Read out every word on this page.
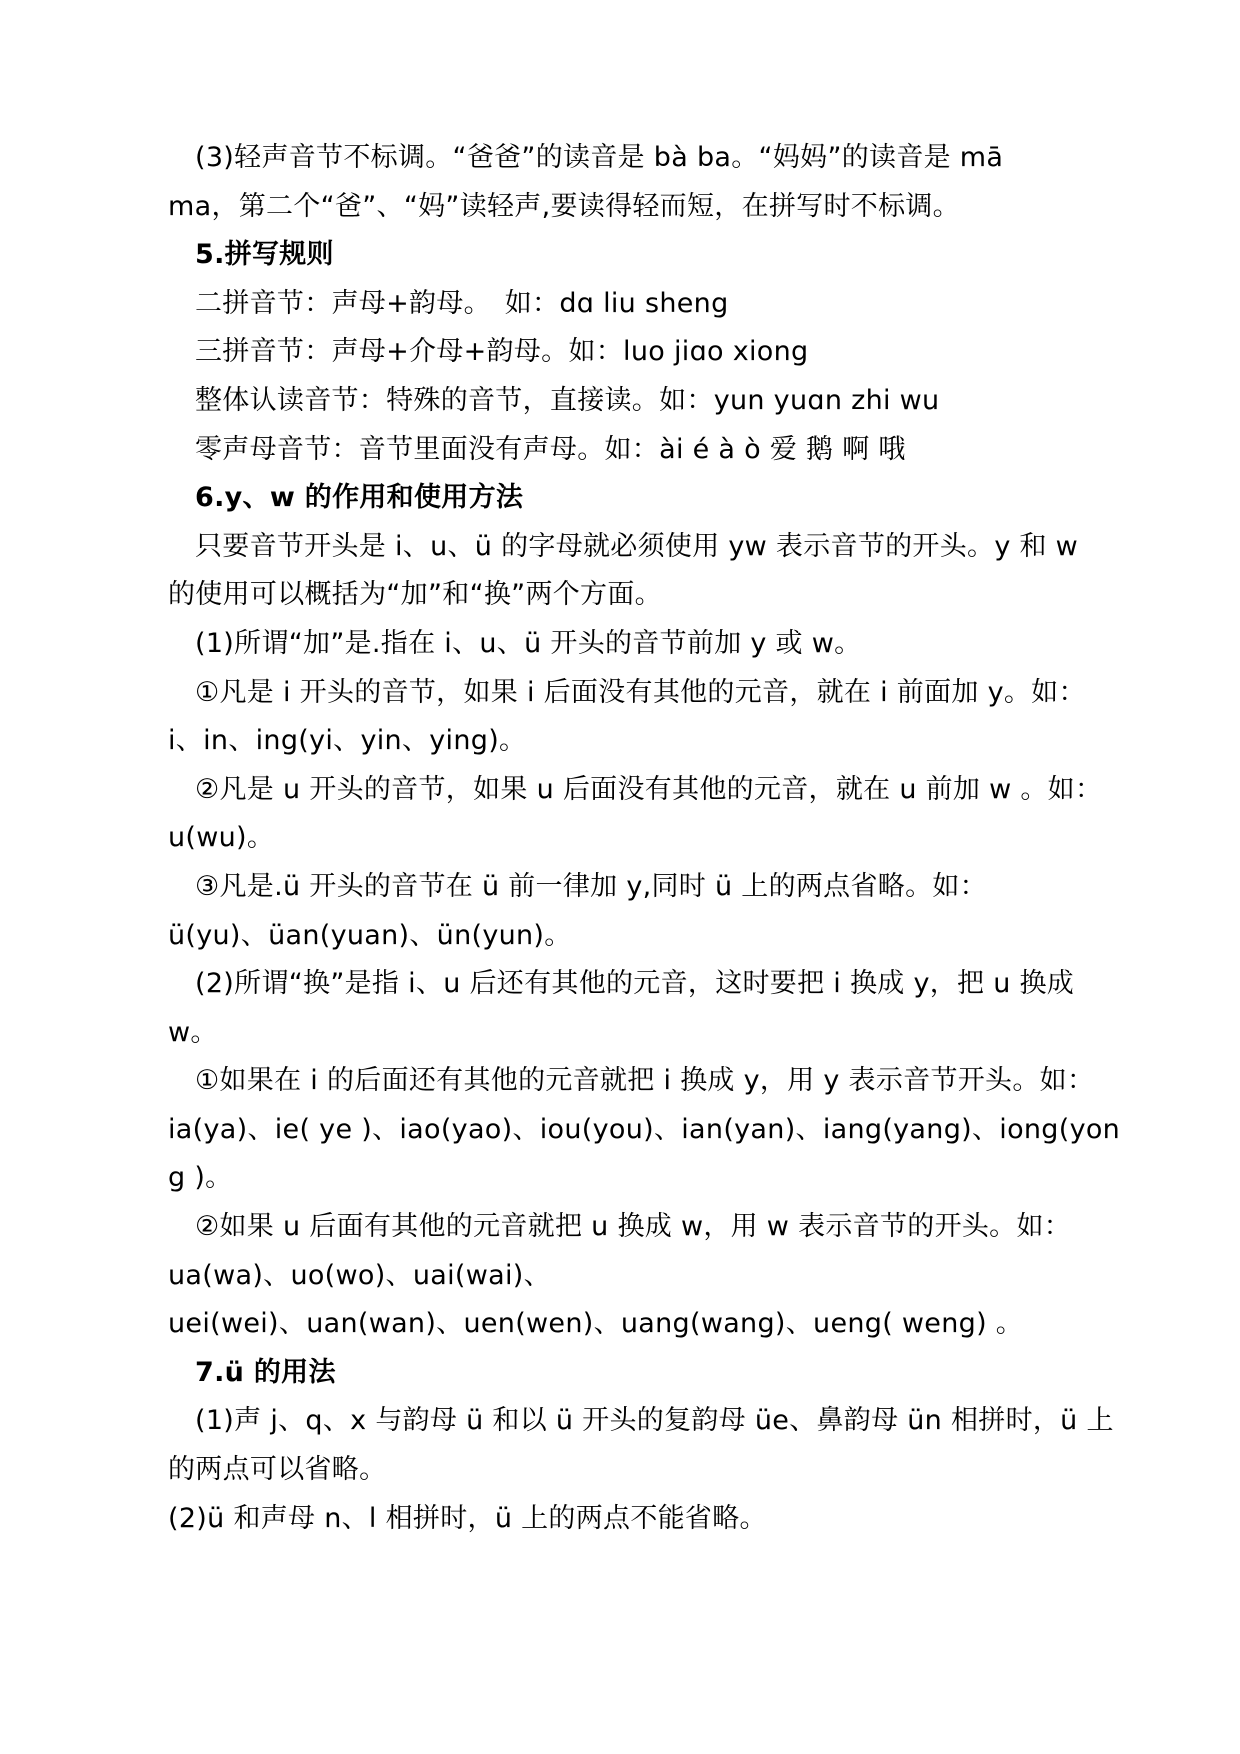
(3)轻声音节不标调。“爸爸”的读音是 bà ba。“妈妈”的读音是 mā
ma，第二个“爸”、“妈”读轻声,要读得轻而短，在拼写时不标调。
5.拼写规则
二拼音节：声母+韵母。　如：dɑ liu sheng
三拼音节：声母+介母+韵母。如：luo jiɑo xiong
整体认读音节：特殊的音节，直接读。如：yun yuɑn zhi wu
零声母音节：音节里面没有声母。如：ài é à ò 爱 鹅 啊 哦
6.y、w 的作用和使用方法
只要音节开头是 i、u、ü 的字母就必须使用 yw 表示音节的开头。y 和 w
的使用可以概括为“加”和“换”两个方面。
(1)所谓“加”是.指在 i、u、ü 开头的音节前加 y 或 w。
①凡是 i 开头的音节，如果 i 后面没有其他的元音，就在 i 前面加 y。如：
i、in、ing(yi、yin、ying)。
②凡是 u 开头的音节，如果 u 后面没有其他的元音，就在 u 前加 w 。如：
u(wu)。
③凡是.ü 开头的音节在 ü 前一律加 y,同时 ü 上的两点省略。如：
ü(yu)、üan(yuan)、ün(yun)。
(2)所谓“换”是指 i、u 后还有其他的元音，这时要把 i 换成 y，把 u 换成
w。
①如果在 i 的后面还有其他的元音就把 i 换成 y，用 y 表示音节开头。如：
ia(ya)、ie( ye )、iao(yao)、iou(you)、ian(yan)、iang(yang)、iong(yon
g )。
②如果 u 后面有其他的元音就把 u 换成 w，用 w 表示音节的开头。如：
ua(wa)、uo(wo)、uai(wai)、
uei(wei)、uan(wan)、uen(wen)、uang(wang)、ueng( weng) 。
7.ü 的用法
(1)声 j、q、x 与韵母 ü 和以 ü 开头的复韵母 üe、鼻韵母 ün 相拼时，ü 上
的两点可以省略。
(2)ü 和声母 n、l 相拼时，ü 上的两点不能省略。
